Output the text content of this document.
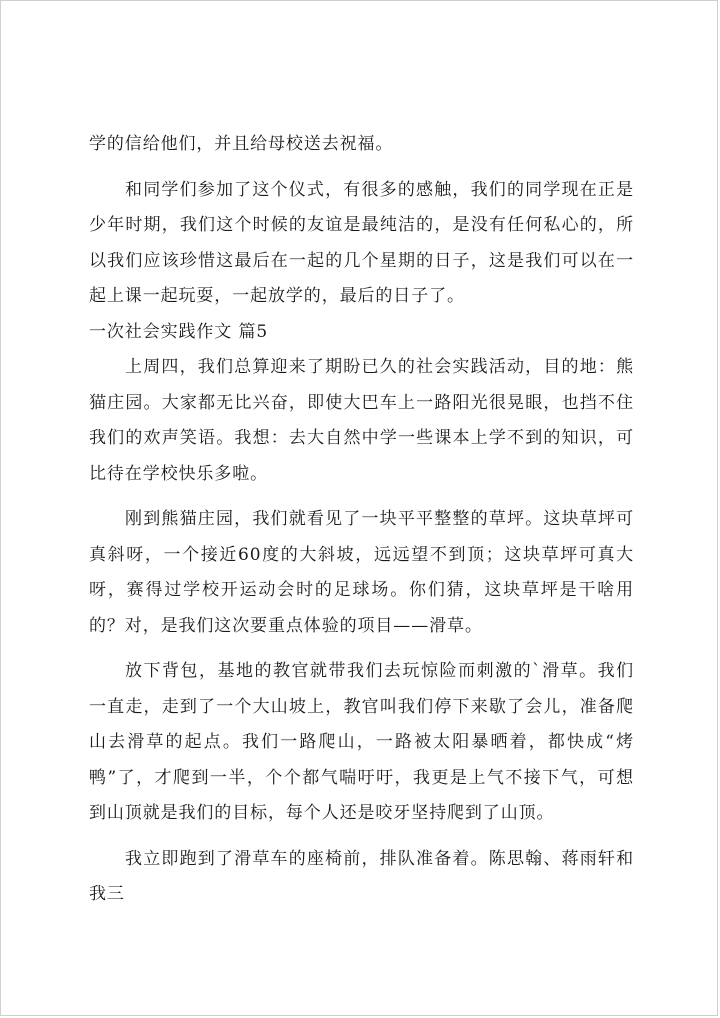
学的信给他们，并且给母校送去祝福。

和同学们参加了这个仪式，有很多的感触，我们的同学现在正是少年时期，我们这个时候的友谊是最纯洁的，是没有任何私心的，所以我们应该珍惜这最后在一起的几个星期的日子，这是我们可以在一起上课一起玩耍，一起放学的，最后的日子了。

一次社会实践作文 篇5

上周四，我们总算迎来了期盼已久的社会实践活动，目的地：熊猫庄园。大家都无比兴奋，即使大巴车上一路阳光很晃眼，也挡不住我们的欢声笑语。我想：去大自然中学一些课本上学不到的知识，可比待在学校快乐多啦。

刚到熊猫庄园，我们就看见了一块平平整整的草坪。这块草坪可真斜呀，一个接近60度的大斜坡，远远望不到顶；这块草坪可真大呀，赛得过学校开运动会时的足球场。你们猜，这块草坪是干啥用的？对，是我们这次要重点体验的项目——滑草。

放下背包，基地的教官就带我们去玩惊险而刺激的`滑草。我们一直走，走到了一个大山坡上，教官叫我们停下来歇了会儿，准备爬山去滑草的起点。我们一路爬山，一路被太阳暴晒着，都快成“烤鸭”了，才爬到一半，个个都气喘吁吁，我更是上气不接下气，可想到山顶就是我们的目标，每个人还是咬牙坚持爬到了山顶。

我立即跑到了滑草车的座椅前，排队准备着。陈思翰、蒋雨轩和我三
